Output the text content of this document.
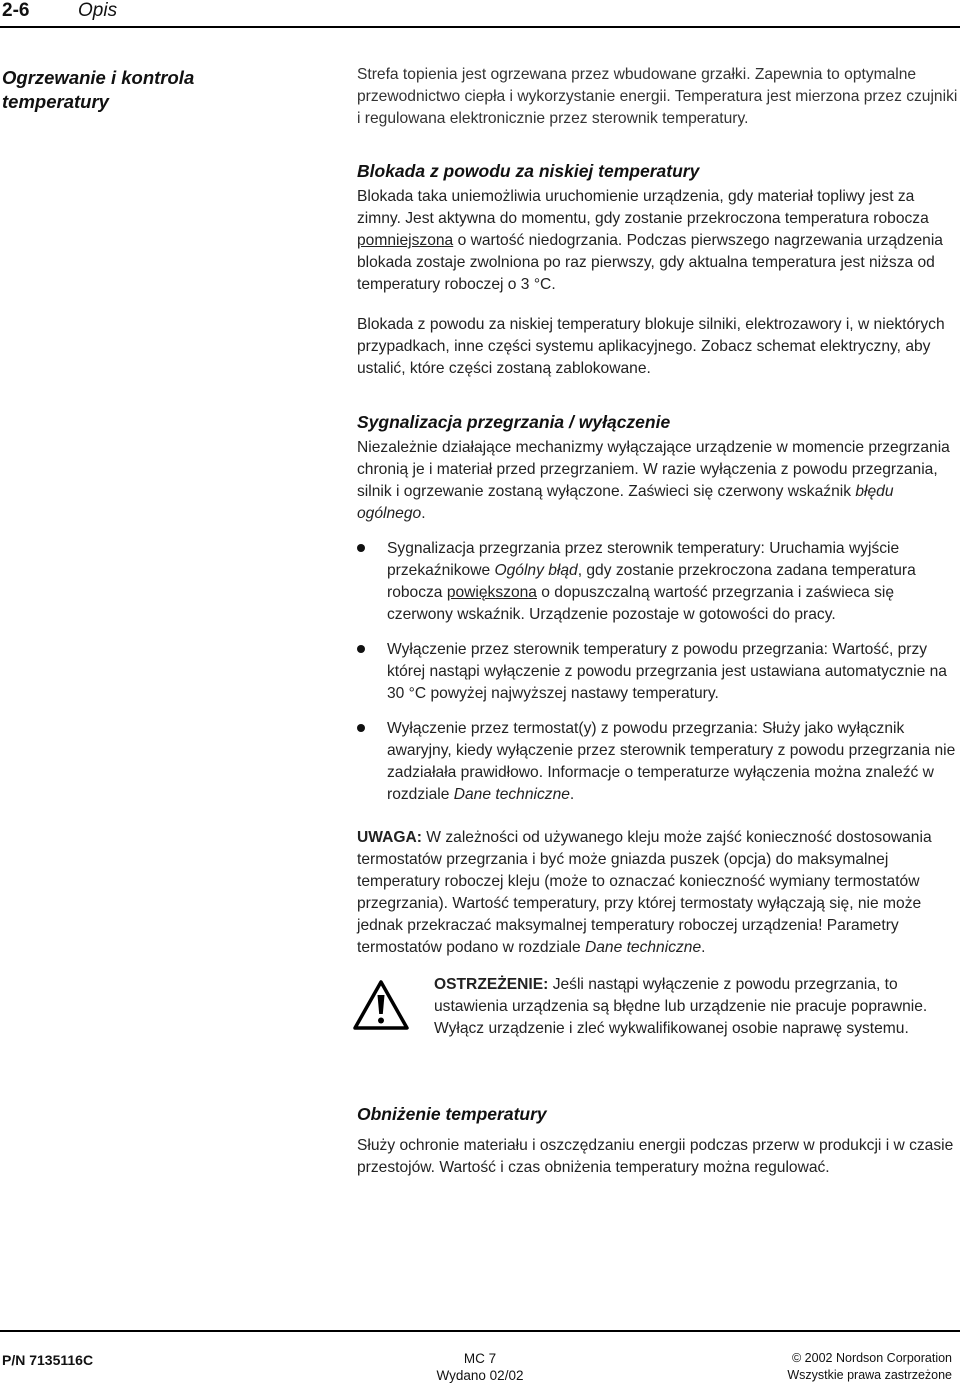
2-6	Opis
Ogrzewanie i kontrola temperatury

Strefa topienia jest ogrzewana przez wbudowane grzałki. Zapewnia to optymalne przewodnictwo ciepła i wykorzystanie energii. Temperatura jest mierzona przez czujniki i regulowana elektronicznie przez sterownik temperatury.

Blokada z powodu za niskiej temperatury

Blokada taka uniemożliwia uruchomienie urządzenia, gdy materiał topliwy jest za zimny. Jest aktywna do momentu, gdy zostanie przekroczona temperatura robocza pomniejszona o wartość niedogrzania. Podczas pierwszego nagrzewania urządzenia blokada zostaje zwolniona po raz pierwszy, gdy aktualna temperatura jest niższa od temperatury roboczej o 3 °C.

Blokada z powodu za niskiej temperatury blokuje silniki, elektrozawory i, w niektórych przypadkach, inne części systemu aplikacyjnego. Zobacz schemat elektryczny, aby ustalić, które części zostaną zablokowane.

Sygnalizacja przegrzania / wyłączenie

Niezależnie działające mechanizmy wyłączające urządzenie w momencie przegrzania chronią je i materiał przed przegrzaniem. W razie wyłączenia z powodu przegrzania, silnik i ogrzewanie zostaną wyłączone. Zaświeci się czerwony wskaźnik błędu ogólnego.

Sygnalizacja przegrzania przez sterownik temperatury: Uruchamia wyjście przekaźnikowe Ogólny błąd, gdy zostanie przekroczona zadana temperatura robocza powiększona o dopuszczalną wartość przegrzania i zaświeca się czerwony wskaźnik. Urządzenie pozostaje w gotowości do pracy.
Wyłączenie przez sterownik temperatury z powodu przegrzania: Wartość, przy której nastąpi wyłączenie z powodu przegrzania jest ustawiana automatycznie na 30 °C powyżej najwyższej nastawy temperatury.
Wyłączenie przez termostat(y) z powodu przegrzania: Służy jako wyłącznik awaryjny, kiedy wyłączenie przez sterownik temperatury z powodu przegrzania nie zadziałała prawidłowo. Informacje o temperaturze wyłączenia można znaleźć w rozdziale Dane techniczne.

UWAGA: W zależności od używanego kleju może zajść konieczność dostosowania termostatów przegrzania i być może gniazda puszek (opcja) do maksymalnej temperatury roboczej kleju (może to oznaczać konieczność wymiany termostatów przegrzania). Wartość temperatury, przy której termostaty wyłączają się, nie może jednak przekraczać maksymalnej temperatury roboczej urządzenia! Parametry termostatów podano w rozdziale Dane techniczne.

OSTRZEŻENIE: Jeśli nastąpi wyłączenie z powodu przegrzania, to ustawienia urządzenia są błędne lub urządzenie nie pracuje poprawnie. Wyłącz urządzenie i zleć wykwalifikowanej osobie naprawę systemu.

Obniżenie temperatury

Służy ochronie materiału i oszczędzaniu energii podczas przerw w produkcji i w czasie przestojów. Wartość i czas obniżenia temperatury można regulować.

P/N 7135116C	MC 7
Wydano 02/02
© 2002 Nordson Corporation
Wszystkie prawa zastrzeżone
